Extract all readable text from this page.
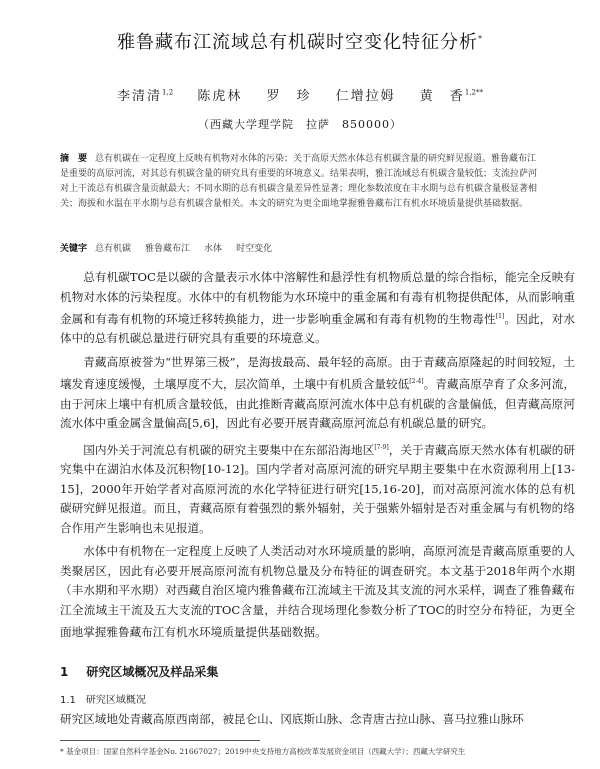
雅鲁藏布江流域总有机碳时空变化特征分析*
李清清$^{1,2}$ 陈虎林 罗　珍 仁增拉姆 黄　香$^{1,2**}$
（西藏大学理学院　拉萨　850000）
摘　要 总有机碳在一定程度上反映有机物对水体的污染；关于高原天然水体总有机碳含量的研究鲜见报道。雅鲁藏布江是重要的高原河流，对其总有机碳含量的研究具有重要的环境意义。结果表明，雅江流域总有机碳含量较低；支流拉萨河对上干流总有机碳含量贡献最大；不同水期的总有机碳含量差异性显著；理化参数浓度在丰水期与总有机碳含量极显著相关；海拔和水温在平水期与总有机碳含量相关。本文的研究为更全面地掌握雅鲁藏布江有机水环境质量提供基础数据。
关键字 总有机碳 雅鲁藏布江 水体 时空变化

总有机碳TOC是以碳的含量表示水体中溶解性和悬浮性有机物质总量的综合指标，能完全反映有机物对水体的污染程度。水体中的有机物能为水环境中的重金属和有毒有机物提供配体，从而影响重金属和有毒有机物的环境迁移转换能力，进一步影响重金属和有毒有机物的生物毒性[1]。因此，对水体中的总有机碳总量进行研究具有重要的环境意义。

青藏高原被誉为“世界第三极”，是海拔最高、最年轻的高原。由于青藏高原隆起的时间较短，土壤发育速度缓慢，土壤厚度不大，层次简单，土壤中有机质含量较低[2-4]。青藏高原孕育了众多河流，由于河床上壤中有机质含量较低，由此推断青藏高原河流水体中总有机碳的含量偏低，但青藏高原河流水体中重金属含量偏高[5,6]，因此有必要开展青藏高原河流总有机碳总量的研究。

国内外关于河流总有机碳的研究主要集中在东部沿海地区[7-9]，关于青藏高原天然水体有机碳的研究集中在湖泊水体及沉积物[10-12]。国内学者对高原河流的研究早期主要集中在水资源利用上[13-15]，2000年开始学者对高原河流的水化学特征进行研究[15,16-20]，而对高原河流水体的总有机碳研究鲜见报道。而且，青藏高原有着强烈的紫外辐射，关于强紫外辐射是否对重金属与有机物的络合作用产生影响也未见报道。

水体中有机物在一定程度上反映了人类活动对水环境质量的影响，高原河流是青藏高原重要的人类聚居区，因此有必要开展高原河流有机物总量及分布特征的调查研究。本文基于2018年两个水期（丰水期和平水期）对西藏自治区境内雅鲁藏布江流域主干流及其支流的河水采样，调查了雅鲁藏布江全流域主干流及五大支流的TOC含量，并结合现场理化参数分析了TOC的时空分布特征，为更全面地掌握雅鲁藏布江有机水环境质量提供基础数据。

1 研究区域概况及样品采集
1.1 研究区域概况
研究区域地处青藏高原西南部，被昆仑山、冈底斯山脉、念青唐古拉山脉、喜马拉雅山脉环
* 基金项目：国家自然科学基金No. 21667027；2019中央支持地方高校改革发展资金项目（西藏大学）；西藏大学研究生
